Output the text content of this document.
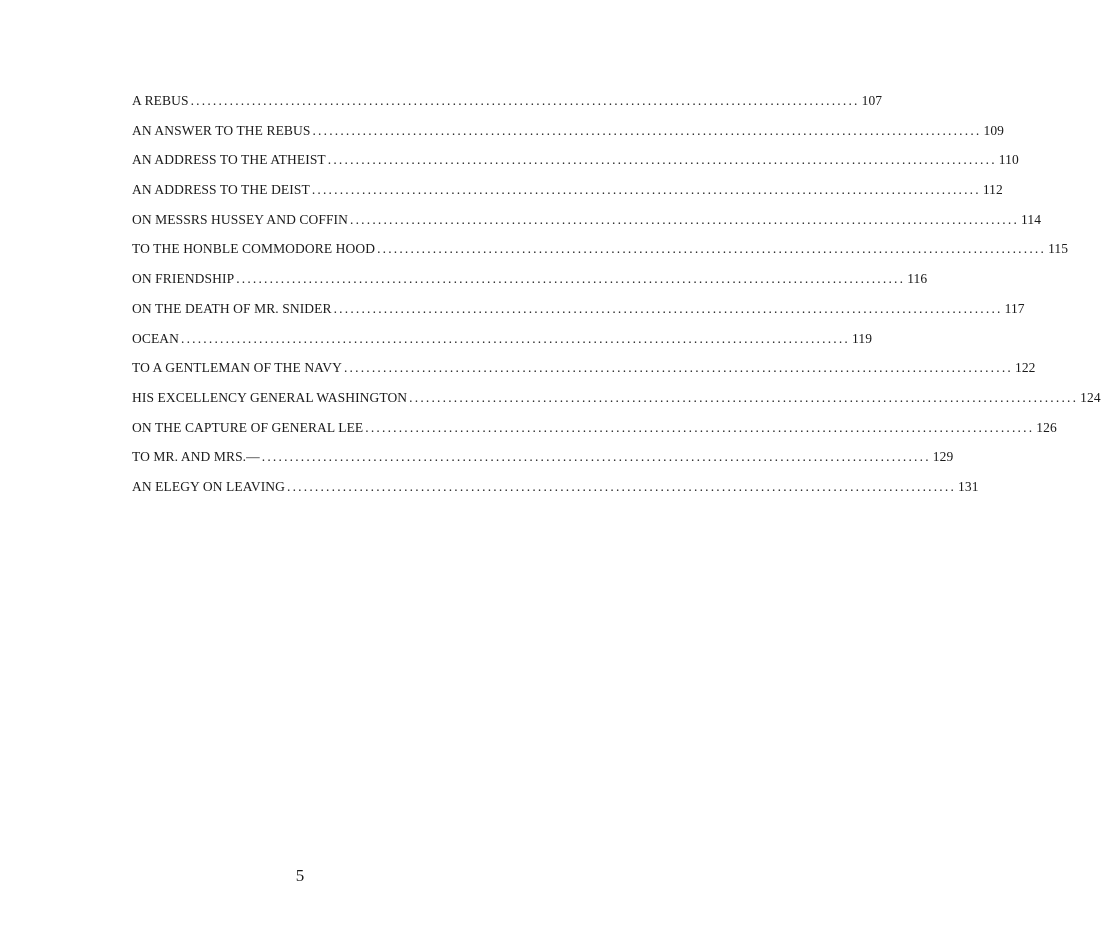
A REBUS ........................................................................................................................ 107
AN ANSWER TO THE REBUS ........................................................................................................................ 109
AN ADDRESS TO THE ATHEIST ........................................................................................................................ 110
AN ADDRESS TO THE DEIST ........................................................................................................................ 112
ON MESSRS HUSSEY AND COFFIN ........................................................................................................................ 114
TO THE HONBLE COMMODORE HOOD ........................................................................................................................ 115
ON FRIENDSHIP ........................................................................................................................ 116
ON THE DEATH OF MR. SNIDER ........................................................................................................................ 117
OCEAN ........................................................................................................................ 119
TO A GENTLEMAN OF THE NAVY ........................................................................................................................ 122
HIS EXCELLENCY GENERAL WASHINGTON ........................................................................................................................ 124
ON THE CAPTURE OF GENERAL LEE ........................................................................................................................ 126
TO MR. AND MRS.— ........................................................................................................................ 129
AN ELEGY ON LEAVING ........................................................................................................................ 131
5
